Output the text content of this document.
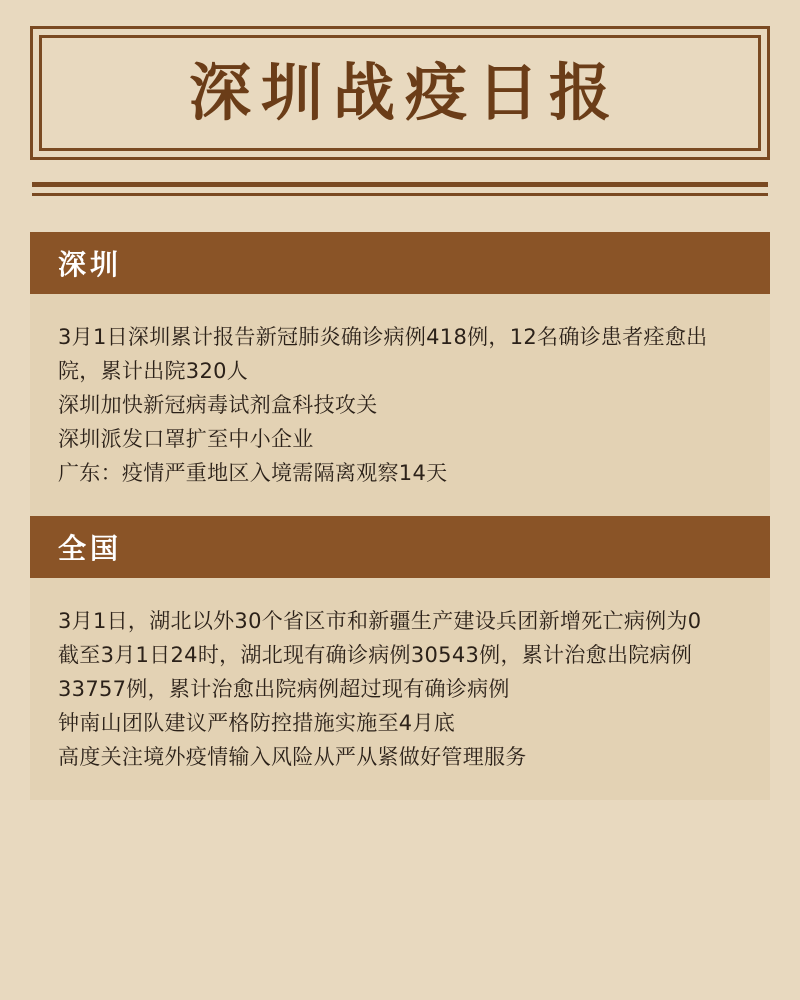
深圳战疫日报
深圳
3月1日深圳累计报告新冠肺炎确诊病例418例，12名确诊患者痊愈出院，累计出院320人
深圳加快新冠病毒试剂盒科技攻关
深圳派发口罩扩至中小企业
广东：疫情严重地区入境需隔离观察14天
全国
3月1日，湖北以外30个省区市和新疆生产建设兵团新增死亡病例为0
截至3月1日24时，湖北现有确诊病例30543例，累计治愈出院病例33757例，累计治愈出院病例超过现有确诊病例
钟南山团队建议严格防控措施实施至4月底
高度关注境外疫情输入风险从严从紧做好管理服务
